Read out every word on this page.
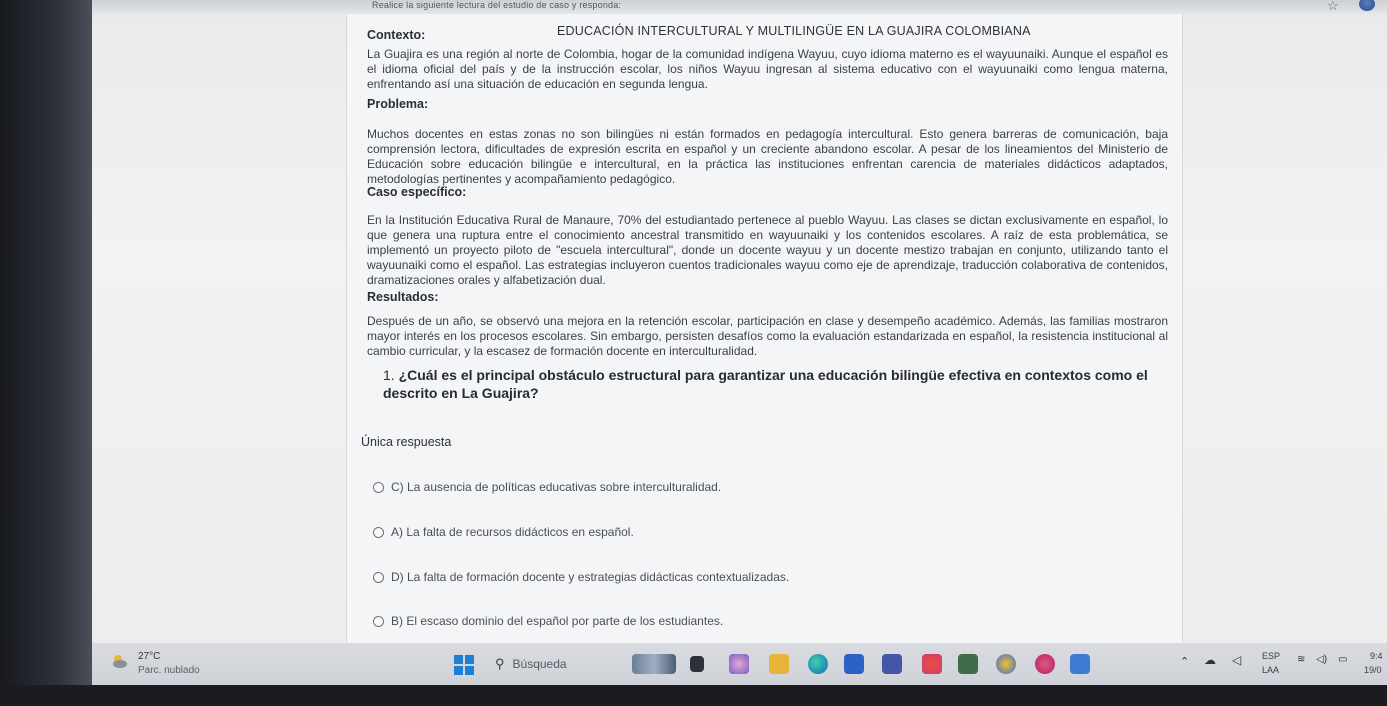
Realice la siguiente lectura del estudio de caso y responda:	☆
EDUCACIÓN INTERCULTURAL Y MULTILINGÜE EN LA GUAJIRA COLOMBIANA
Contexto:
La Guajira es una región al norte de Colombia, hogar de la comunidad indígena Wayuu, cuyo idioma materno es el wayuunaiki. Aunque el español es el idioma oficial del país y de la instrucción escolar, los niños Wayuu ingresan al sistema educativo con el wayuunaiki como lengua materna, enfrentando así una situación de educación en segunda lengua.
Problema:
Muchos docentes en estas zonas no son bilingües ni están formados en pedagogía intercultural. Esto genera barreras de comunicación, baja comprensión lectora, dificultades de expresión escrita en español y un creciente abandono escolar. A pesar de los lineamientos del Ministerio de Educación sobre educación bilingüe e intercultural, en la práctica las instituciones enfrentan carencia de materiales didácticos adaptados, metodologías pertinentes y acompañamiento pedagógico.
Caso específico:
En la Institución Educativa Rural de Manaure, 70% del estudiantado pertenece al pueblo Wayuu. Las clases se dictan exclusivamente en español, lo que genera una ruptura entre el conocimiento ancestral transmitido en wayuunaiki y los contenidos escolares. A raíz de esta problemática, se implementó un proyecto piloto de "escuela intercultural", donde un docente wayuu y un docente mestizo trabajan en conjunto, utilizando tanto el wayuunaiki como el español. Las estrategias incluyeron cuentos tradicionales wayuu como eje de aprendizaje, traducción colaborativa de contenidos, dramatizaciones orales y alfabetización dual.
Resultados:
Después de un año, se observó una mejora en la retención escolar, participación en clase y desempeño académico. Además, las familias mostraron mayor interés en los procesos escolares. Sin embargo, persisten desafíos como la evaluación estandarizada en español, la resistencia institucional al cambio curricular, y la escasez de formación docente en interculturalidad.
1. ¿Cuál es el principal obstáculo estructural para garantizar una educación bilingüe efectiva en contextos como el descrito en La Guajira?
Única respuesta
C) La ausencia de políticas educativas sobre interculturalidad.
A) La falta de recursos didácticos en español.
D) La falta de formación docente y estrategias didácticas contextualizadas.
B) El escaso dominio del español por parte de los estudiantes.
27°C
Parc. nublado	⚲ Búsqueda	⌃ ☁ ◁ ESP
LAA
≋ ◁) ▭	9:4
19/0
